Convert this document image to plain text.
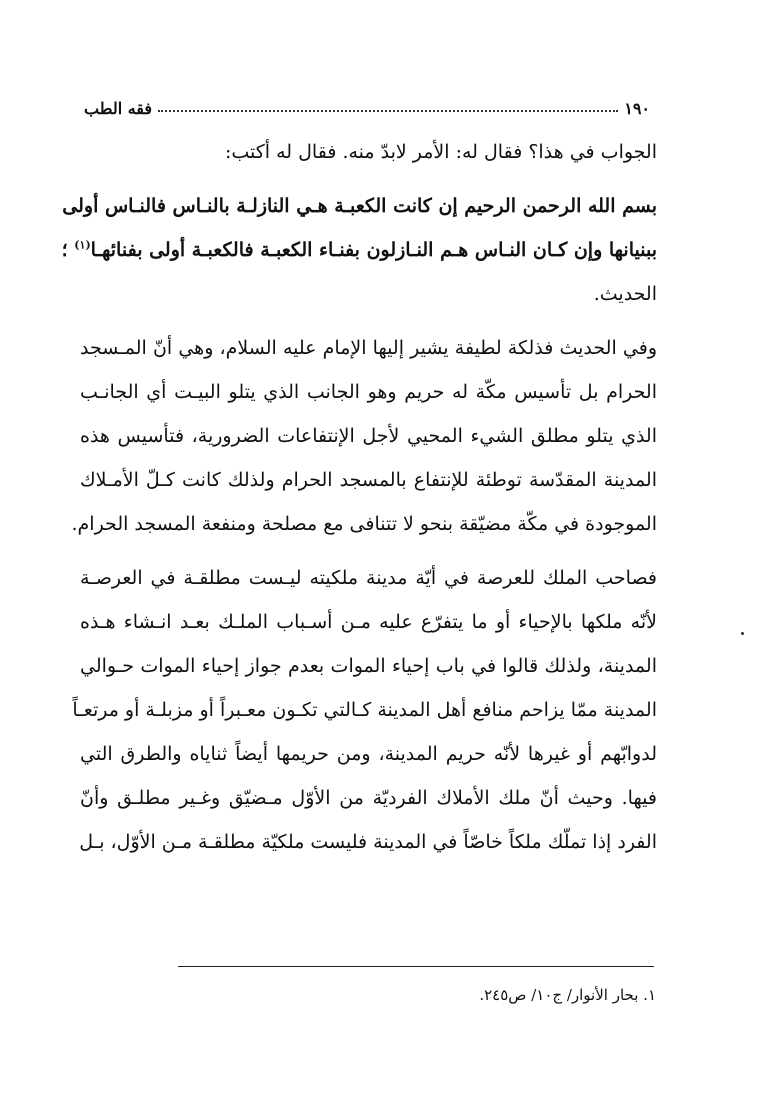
١٩٠
فقه الطب
الجواب في هذا؟ فقال له: الأمر لابدّ منه. فقال له أكتب:
بسم الله الرحمن الرحيم إن كانت الكعبـة هـي النازلـة بالنـاس فالنـاس أولى
ببنيانها وإن كـان النـاس هـم النـازلون بفنـاء الكعبـة فالكعبـة أولى بفنائهـا$^{(١)}$ ؛
الحديث.
وفي الحديث فذلكة لطيفة يشير إليها الإمام عليه السلام، وهي أنّ المـسجد
الحرام بل تأسيس مكّة له حريم وهو الجانب الذي يتلو البيـت أي الجانـب
الذي يتلو مطلق الشيء المحيي لأجل الإنتفاعات الضرورية، فتأسيس هذه
المدينة المقدّسة توطئة للإنتفاع بالمسجد الحرام ولذلك كانت كـلّ الأمـلاك
الموجودة في مكّة مضيّقة بنحو لا تتنافى مع مصلحة ومنفعة المسجد الحرام.
فصاحب الملك للعرصة في أيّة مدينة ملكيته ليـست مطلقـة في العرصـة
لأنّه ملكها بالإحياء أو ما يتفرّع عليه مـن أسـباب الملـك بعـد انـشاء هـذه
المدينة، ولذلك قالوا في باب إحياء الموات بعدم جواز إحياء الموات حـوالي
المدينة ممّا يزاحم منافع أهل المدينة كـالتي تكـون معـبراً أو مزبلـة أو مرتعـاً
لدوابّهم أو غيرها لأنّه حريم المدينة، ومن حريمها أيضاً ثناياه والطرق التي
فيها. وحيث أنّ ملك الأملاك الفرديّة من الأوّل مـضيّق وغـير مطلـق وأنّ
الفرد إذا تملّك ملكاً خاصّاً في المدينة فليست ملكيّة مطلقـة مـن الأوّل، بـل
١. بحار الأنوار/ ج١٠/ ص٢٤٥.
